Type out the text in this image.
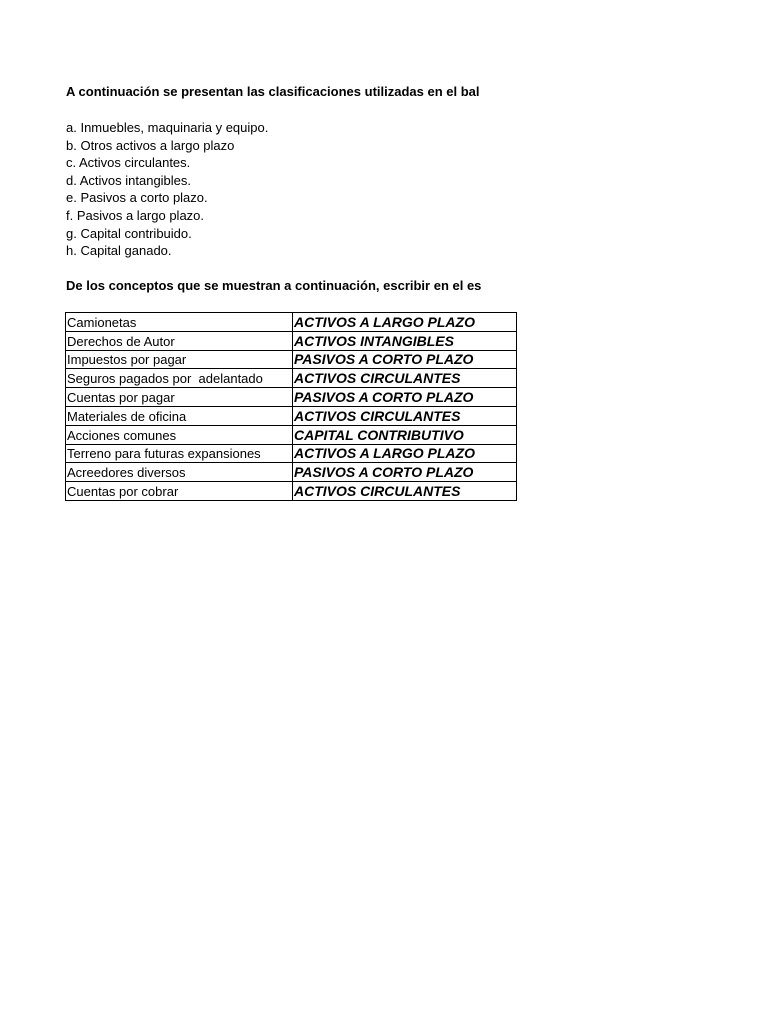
A continuación se presentan las clasificaciones utilizadas en el bal
a. Inmuebles, maquinaria y equipo.
b. Otros activos a largo plazo
c. Activos circulantes.
d. Activos intangibles.
e. Pasivos a corto plazo.
f. Pasivos a largo plazo.
g. Capital contribuido.
h. Capital ganado.
De los conceptos que se muestran a continuación, escribir en el es
Camionetas	ACTIVOS A LARGO PLAZO
Derechos de Autor	ACTIVOS INTANGIBLES
Impuestos por pagar	PASIVOS A CORTO PLAZO
Seguros pagados por  adelantado	ACTIVOS CIRCULANTES
Cuentas por pagar	PASIVOS A CORTO PLAZO
Materiales de oficina	ACTIVOS CIRCULANTES
Acciones comunes	CAPITAL CONTRIBUTIVO
Terreno para futuras expansiones	ACTIVOS A LARGO PLAZO
Acreedores diversos	PASIVOS A CORTO PLAZO
Cuentas por cobrar	ACTIVOS CIRCULANTES
